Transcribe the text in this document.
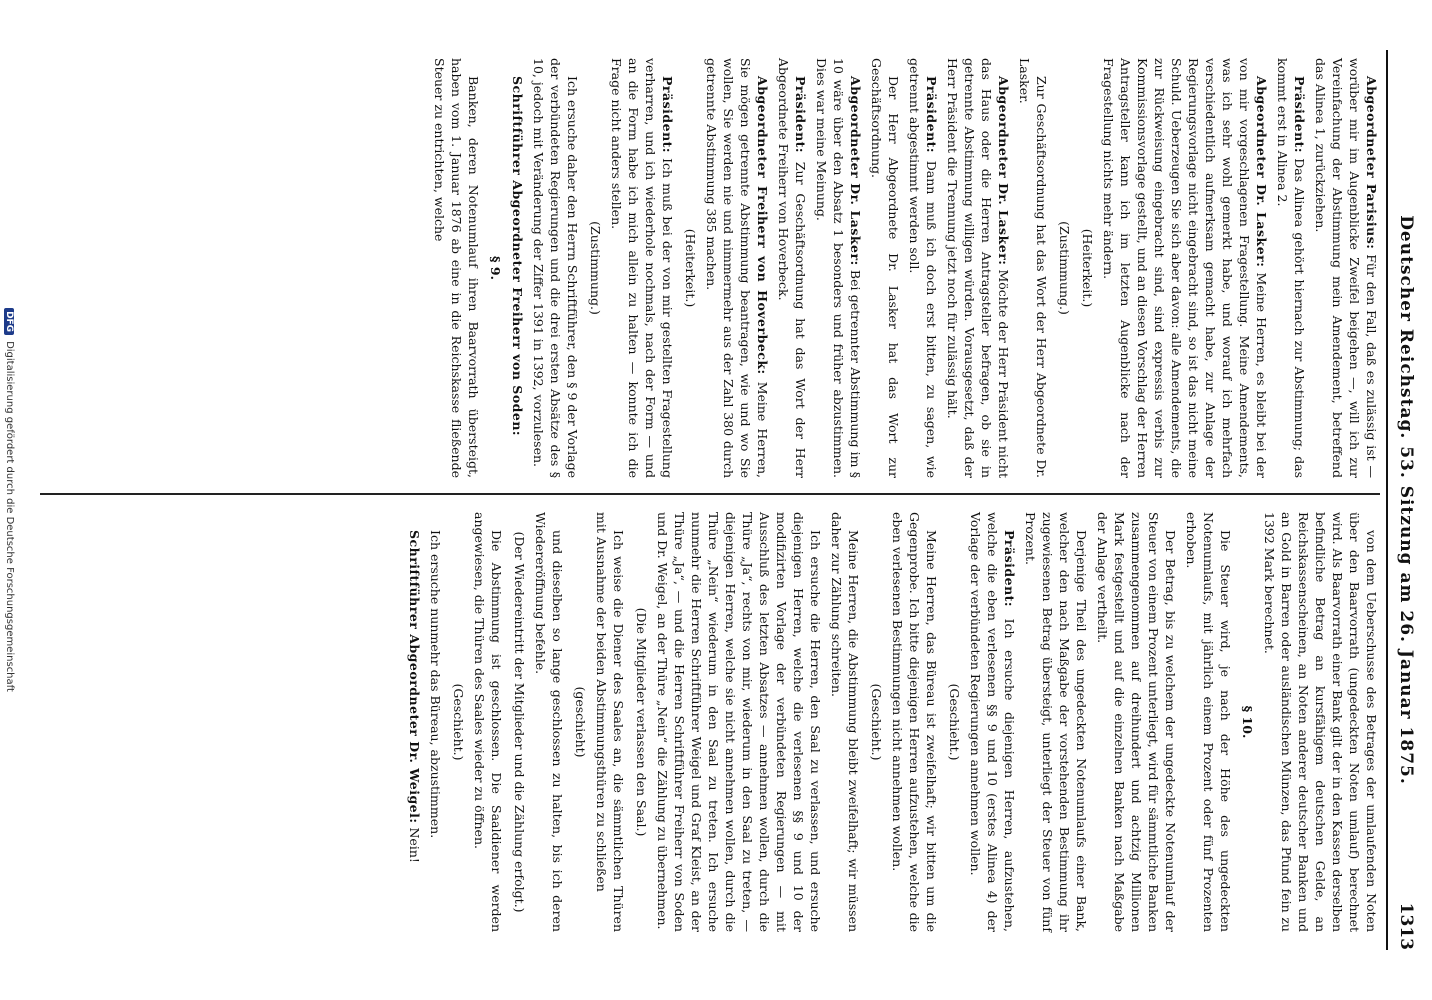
Deutscher Reichstag. 53. Sitzung am 26. Januar 1875.
1313

Abgeordneter Parisius: Für den Fall, daß es zulässig ist — worüber mir im Augenblicke Zweifel beigehen —, will ich zur Vereinfachung der Abstimmung mein Amendement, betreffend das Alinea 1, zurückziehen.

Präsident: Das Alinea gehört hiernach zur Abstimmung; das kommt erst in Alinea 2.

Abgeordneter Dr. Lasker: Meine Herren, es bleibt bei der von mir vorgeschlagenen Fragestellung. Meine Amendements, was ich sehr wohl gemerkt habe, und worauf ich mehrfach verschiedentlich aufmerksam gemacht habe, zur Anlage der Regierungsvorlage nicht eingebracht sind, so ist das nicht meine Schuld. Ueberzeugen Sie sich aber davon: alle Amendements, die zur Rückweisung eingebracht sind, sind expressis verbis zur Kommissionsvorlage gestellt, und an diesen Vorschlag der Herren Antragsteller kann ich im letzten Augenblicke nach der Fragestellung nichts mehr ändern.

(Heiterkeit.)

(Zustimmung.)

Zur Geschäftsordnung hat das Wort der Herr Abgeordnete Dr. Lasker.

Abgeordneter Dr. Lasker: Möchte der Herr Präsident nicht das Haus oder die Herren Antragsteller befragen, ob sie in getrennte Abstimmung willigen würden. Vorausgesetzt, daß der Herr Präsident die Trennung jetzt noch für zulässig hält.

Präsident: Dann muß ich doch erst bitten, zu sagen, wie getrennt abgestimmt werden soll.

Der Herr Abgeordnete Dr. Lasker hat das Wort zur Geschäftsordnung.

Abgeordneter Dr. Lasker: Bei getrennter Abstimmung im § 10 wäre über den Absatz 1 besonders und früher abzustimmen. Dies war meine Meinung.

Präsident: Zur Geschäftsordnung hat das Wort der Herr Abgeordnete Freiherr von Hoverbeck.

Abgeordneter Freiherr von Hoverbeck: Meine Herren, Sie mögen getrennte Abstimmung beantragen, wie und wo Sie wollen, Sie werden nie und nimmermehr aus der Zahl 380 durch getrennte Abstimmung 385 machen.

(Heiterkeit.)

Präsident: Ich muß bei der von mir gestellten Fragestellung verharren, und ich wiederhole nochmals, nach der Form — und an die Form habe ich mich allein zu halten — konnte ich die Frage nicht anders stellen.

(Zustimmung.)

Ich ersuche daher den Herrn Schriftführer, den § 9 der Vorlage der verbündeten Regierungen und die drei ersten Absätze des § 10, jedoch mit Veränderung der Ziffer 1391 in 1392, vorzulesen.

Schriftführer Abgeordneter Freiherr von Soden:

§ 9.

Banken, deren Notenumlauf ihren Baarvorrath übersteigt, haben vom 1. Januar 1876 ab eine in die Reichskasse fließende Steuer zu entrichten, welche

von dem Ueberschusse des Betrages der umlaufenden Noten über den Baarvorrath (ungedeckten Noten umlauf) berechnet wird. Als Baarvorrath einer Bank gilt der in den Kassen derselben befindliche Betrag an kursfähigem deutschen Gelde, an Reichskassenscheinen, an Noten anderer deutscher Banken und an Gold in Barren oder ausländischen Münzen, das Pfund fein zu 1392 Mark berechnet.

§ 10.

Die Steuer wird, je nach der Höhe des ungedeckten Notenumlaufs, mit jährlich einem Prozent oder fünf Prozenten erhoben.

Der Betrag, bis zu welchem der ungedeckte Notenumlauf der Steuer von einem Prozent unterliegt, wird für sämmtliche Banken zusammengenommen auf dreihundert und achtzig Millionen Mark festgestellt und auf die einzelnen Banken nach Maßgabe der Anlage vertheilt.

Derjenige Theil des ungedeckten Notenumlaufs einer Bank, welcher den nach Maßgabe der vorstehenden Bestimmung ihr zugewiesenen Betrag übersteigt, unterliegt der Steuer von fünf Prozent.

Präsident: Ich ersuche diejenigen Herren, aufzustehen, welche die eben verlesenen §§ 9 und 10 (erstes Alinea 4) der Vorlage der verbündeten Regierungen annehmen wollen.

(Geschieht.)

Meine Herren, das Büreau ist zweifelhaft; wir bitten um die Gegenprobe. Ich bitte diejenigen Herren aufzustehen, welche die eben verlesenen Bestimmungen nicht annehmen wollen.

(Geschieht.)

Meine Herren, die Abstimmung bleibt zweifelhaft; wir müssen daher zur Zählung schreiten.

Ich ersuche die Herren, den Saal zu verlassen, und ersuche diejenigen Herren, welche die verlesenen §§ 9 und 10 der modifizirten Vorlage der verbündeten Regierungen — mit Ausschluß des letzten Absatzes — annehmen wollen, durch die Thüre „Ja“, rechts von mir, wiederum in den Saal zu treten, — diejenigen Herren, welche sie nicht annehmen wollen, durch die Thüre „Nein“ wiederum in den Saal zu treten. Ich ersuche nunmehr die Herren Schriftführer Weigel und Graf Kleist, an der Thüre „Ja“, — und die Herren Schriftführer Freiherr von Soden und Dr. Weigel, an der Thüre „Nein“ die Zählung zu übernehmen.

(Die Mitglieder verlassen den Saal.)

Ich weise die Diener des Saales an, die sämmtlichen Thüren mit Ausnahme der beiden Abstimmungsthüren zu schließen

(geschieht)

und dieselben so lange geschlossen zu halten, bis ich deren Wiedereröffnung befehle.

(Der Wiedereintritt der Mitglieder und die Zählung erfolgt.)

Die Abstimmung ist geschlossen. Die Saaldiener werden angewiesen, die Thüren des Saales wieder zu öffnen.

(Geschieht.)

Ich ersuche nunmehr das Büreau, abzustimmen.

Schriftführer Abgeordneter Dr. Weigel: Nein!

DFGDigitalisierung gefördert durch die Deutsche Forschungsgemeinschaft
